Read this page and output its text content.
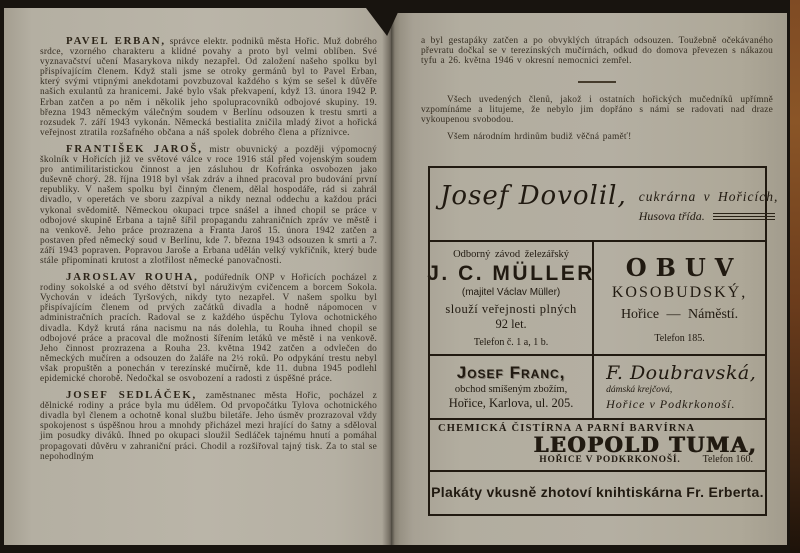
PAVEL ERBAN, správce elektr. podniků města Hořic. Muž dobrého srdce, vzorného charakteru a klidné povahy a proto byl velmi oblíben. Své vyznavačství učení Masarykova nikdy nezapřel. Od založení našeho spolku byl přispívajícím členem. Když stali jsme se otroky germánů byl to Pavel Erban, který svými vtipnými anekdotami povzbuzoval každého s kým se sešel k důvěře našich exulantů za hranicemi. Jaké bylo však překvapení, když 13. února 1942 P. Erban zatčen a po něm i několik jeho spolupracovníků odbojové skupiny. 19. března 1943 německým válečným soudem v Berlínu odsouzen k trestu smrti a rozsudek 7. září 1943 vykonán. Německá bestialita zničila mladý život a hořická veřejnost ztratila rozšafného občana a náš spolek dobrého člena a příznivce.

FRANTIŠEK JAROŠ, mistr obuvnický a později výpomocný školník v Hořicích již ve světové válce v roce 1916 stál před vojenským soudem pro antimilitaristickou činnost a jen zásluhou dr Kofránka osvobozen jako duševně chorý. 28. října 1918 byl však zdráv a ihned pracoval pro budování první republiky. V našem spolku byl činným členem, dělal hospodáře, rád si zahrál divadlo, v operetách ve sboru zazpíval a nikdy neznal oddechu a každou práci vykonal svědomitě. Německou okupaci trpce snášel a ihned chopil se práce v odbojové skupině Erbana a tajně šířil propagandu zahraničních zpráv ve městě i na venkově. Jeho práce prozrazena a Franta Jaroš 15. února 1942 zatčen a postaven před německý soud v Berlínu, kde 7. března 1943 odsouzen k smrti a 7. září 1943 popraven. Popravou Jaroše a Erbana udělán velký vykřičník, který bude stále připomínati krutost a zlotřilost německé panovačnosti.

JAROSLAV ROUHA, podúředník ONP v Hořicích pocházel z rodiny sokolské a od svého dětství byl náruživým cvičencem a borcem Sokola. Vychován v ideách Tyršových, nikdy tyto nezapřel. V našem spolku byl přispívajícím členem od prvých začátků divadla a hodně nápomocen v administračních pracích. Radoval se z každého úspěchu Tylova ochotnického divadla. Když krutá rána nacismu na nás dolehla, tu Rouha ihned chopil se odbojové práce a pracoval dle možnosti šířením letáků ve městě i na venkově. Jeho činnost prozrazena a Rouha 23. května 1942 zatčen a odvlečen do německých mučíren a odsouzen do žaláře na 2½ roků. Po odpykání trestu nebyl však propuštěn a ponechán v terezínské mučírně, kde 11. dubna 1945 podlehl epidemické chorobě. Nedočkal se osvobození a radosti z úspěšné práce.

JOSEF SEDLÁČEK, zaměstnanec města Hořic, pocházel z dělnické rodiny a práce byla mu údělem. Od prvopočátku Tylova ochotnického divadla byl členem a ochotně konal službu biletáře. Jeho úsměv prozrazoval vždy spokojenost s úspěšnou hrou a mnohdy přicházel mezi hrající do šatny a sděloval jim posudky diváků. Ihned po okupaci sloužil Sedláček tajnému hnutí a pomáhal propagovati důvěru v zahraniční práci. Chodil a rozšiřoval tajný tisk. Za to stal se nepohodlným

a byl gestapáky zatčen a po obvyklých útrapách odsouzen. Toužebně očekávaného převratu dočkal se v terezínských mučírnách, odkud do domova převezen s nákazou tyfu a 26. května 1946 v okresní nemocnici zemřel.

Všech uvedených členů, jakož i ostatních hořických mučedníků upřímně vzpomínáme a litujeme, že nebylo jim dopřáno s námi se radovati nad draze vykoupenou svobodou.

Všem národním hrdinům budiž věčná paměť!

Josef Dovolil, cukrárna v Hořicích,
Husova třída.
Odborný závod železářský
J. C. MÜLLER
(majitel Václav Müller)
slouží veřejnosti plných
92 let.
Telefon č. 1 a, 1 b.
OBUV
KOSOBUDSKÝ,
Hořice — Náměstí.
Telefon 185.
Josef Franc,
obchod smíšeným zbožím,
Hořice, Karlova, ul. 205.
F. Doubravská,
dámská krejčová,
Hořice v Podkrkonoší.
CHEMICKÁ ČISTÍRNA A PARNÍ BARVÍRNA
LEOPOLD TUMA,
HOŘICE V PODKRKONOŠÍ. Telefon 160.
Plakáty vkusně zhotoví knihtiskárna Fr. Erberta.
